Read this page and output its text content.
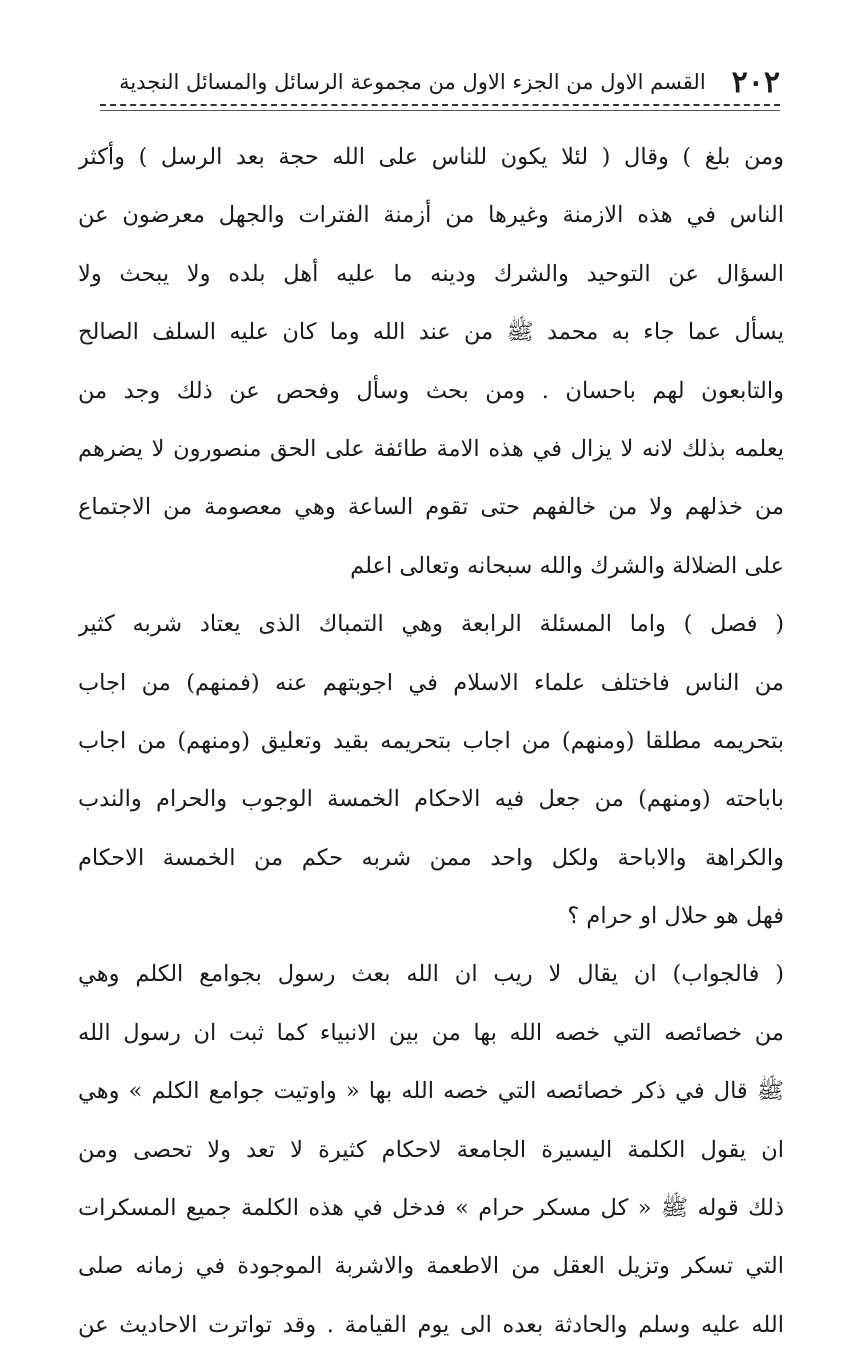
٢٠٢
القسم الاول من الجزء الاول من مجموعة الرسائل والمسائل النجدية
ومن بلغ ) وقال ( لئلا يكون للناس على الله حجة بعد الرسل ) وأكثر
الناس في هذه الازمنة وغيرها من أزمنة الفترات والجهل معرضون عن
السؤال عن التوحيد والشرك ودينه ما عليه أهل بلده ولا يبحث ولا
يسأل عما جاء به محمد ﷺ من عند الله وما كان عليه السلف الصالح
والتابعون لهم باحسان . ومن بحث وسأل وفحص عن ذلك وجد من
يعلمه بذلك لانه لا يزال في هذه الامة طائفة على الحق منصورون لا يضرهم
من خذلهم ولا من خالفهم حتى تقوم الساعة وهي معصومة من الاجتماع
على الضلالة والشرك والله سبحانه وتعالى اعلم
( فصل ) واما المسئلة الرابعة وهي التمباك الذى يعتاد شربه كثير
من الناس فاختلف علماء الاسلام في اجوبتهم عنه (فمنهم) من اجاب
بتحريمه مطلقا (ومنهم) من اجاب بتحريمه بقيد وتعليق (ومنهم) من اجاب
باباحته (ومنهم) من جعل فيه الاحكام الخمسة الوجوب والحرام والندب
والكراهة والاباحة ولكل واحد ممن شربه حكم من الخمسة الاحكام
فهل هو حلال او حرام ؟
( فالجواب) ان يقال لا ريب ان الله بعث رسول بجوامع الكلم وهي
من خصائصه التي خصه الله بها من بين الانبياء كما ثبت ان رسول الله
ﷺ قال في ذكر خصائصه التي خصه الله بها « واوتيت جوامع الكلم » وهي
ان يقول الكلمة اليسيرة الجامعة لاحكام كثيرة لا تعد ولا تحصى ومن
ذلك قوله ﷺ « كل مسكر حرام » فدخل في هذه الكلمة جميع المسكرات
التي تسكر وتزيل العقل من الاطعمة والاشربة الموجودة في زمانه صلى
الله عليه وسلم والحادثة بعده الى يوم القيامة . وقد تواترت الاحاديث عن
